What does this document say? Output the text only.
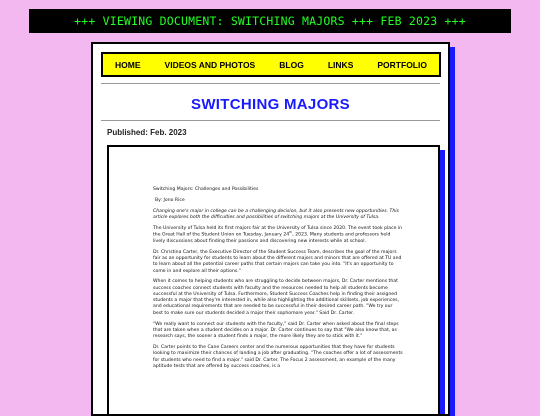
+++ VIEWING DOCUMENT: SWITCHING MAJORS +++ FEB 2023 +++
HOME	VIDEOS AND PHOTOS	BLOG	LINKS	PORTFOLIO
SWITCHING MAJORS
Published: Feb. 2023

Switching Majors: Challenges and Possibilities

By: Jono Rice

Changing one's major in college can be a challenging decision, but it also presents new opportunities. This article explores both the difficulties and possibilities of switching majors at the University of Tulsa.

The University of Tulsa held its first majors fair at the University of Tulsa since 2020. The event took place in the Great Hall of the Student Union on Tuesday, January 24th, 2023. Many students and professors held lively discussions about finding their passions and discovering new interests while at school.

Dr. Christina Carter, the Executive Director of the Student Success Team, describes the goal of the majors fair as an opportunity for students to learn about the different majors and minors that are offered at TU and to learn about all the potential career paths that certain majors can take you into. "It's an opportunity to come in and explore all their options."

When it comes to helping students who are struggling to decide between majors, Dr. Carter mentions that success coaches connect students with faculty and the resources needed to help all students become successful at the University of Tulsa. Furthermore, Student Success Coaches help in finding their assigned students a major that they're interested in, while also highlighting the additional skillsets, job experiences, and educational requirements that are needed to be successful in their desired career path. "We try our best to make sure our students decided a major their sophomore year." Said Dr. Carter.

"We really want to connect our students with the faculty," said Dr. Carter when asked about the final steps that are taken when a student decides on a major. Dr. Carter continues to say that "We also know that, as research says, the sooner a student finds a major, the more likely they are to stick with it."

Dr. Carter points to the Cane Careers center and the numerous opportunities that they have for students looking to maximize their chances of landing a job after graduating. "The coaches offer a lot of assessments for students who need to find a major." said Dr. Carter. The Focus 2 assessment, an example of the many aptitude tests that are offered by success coaches, is a
